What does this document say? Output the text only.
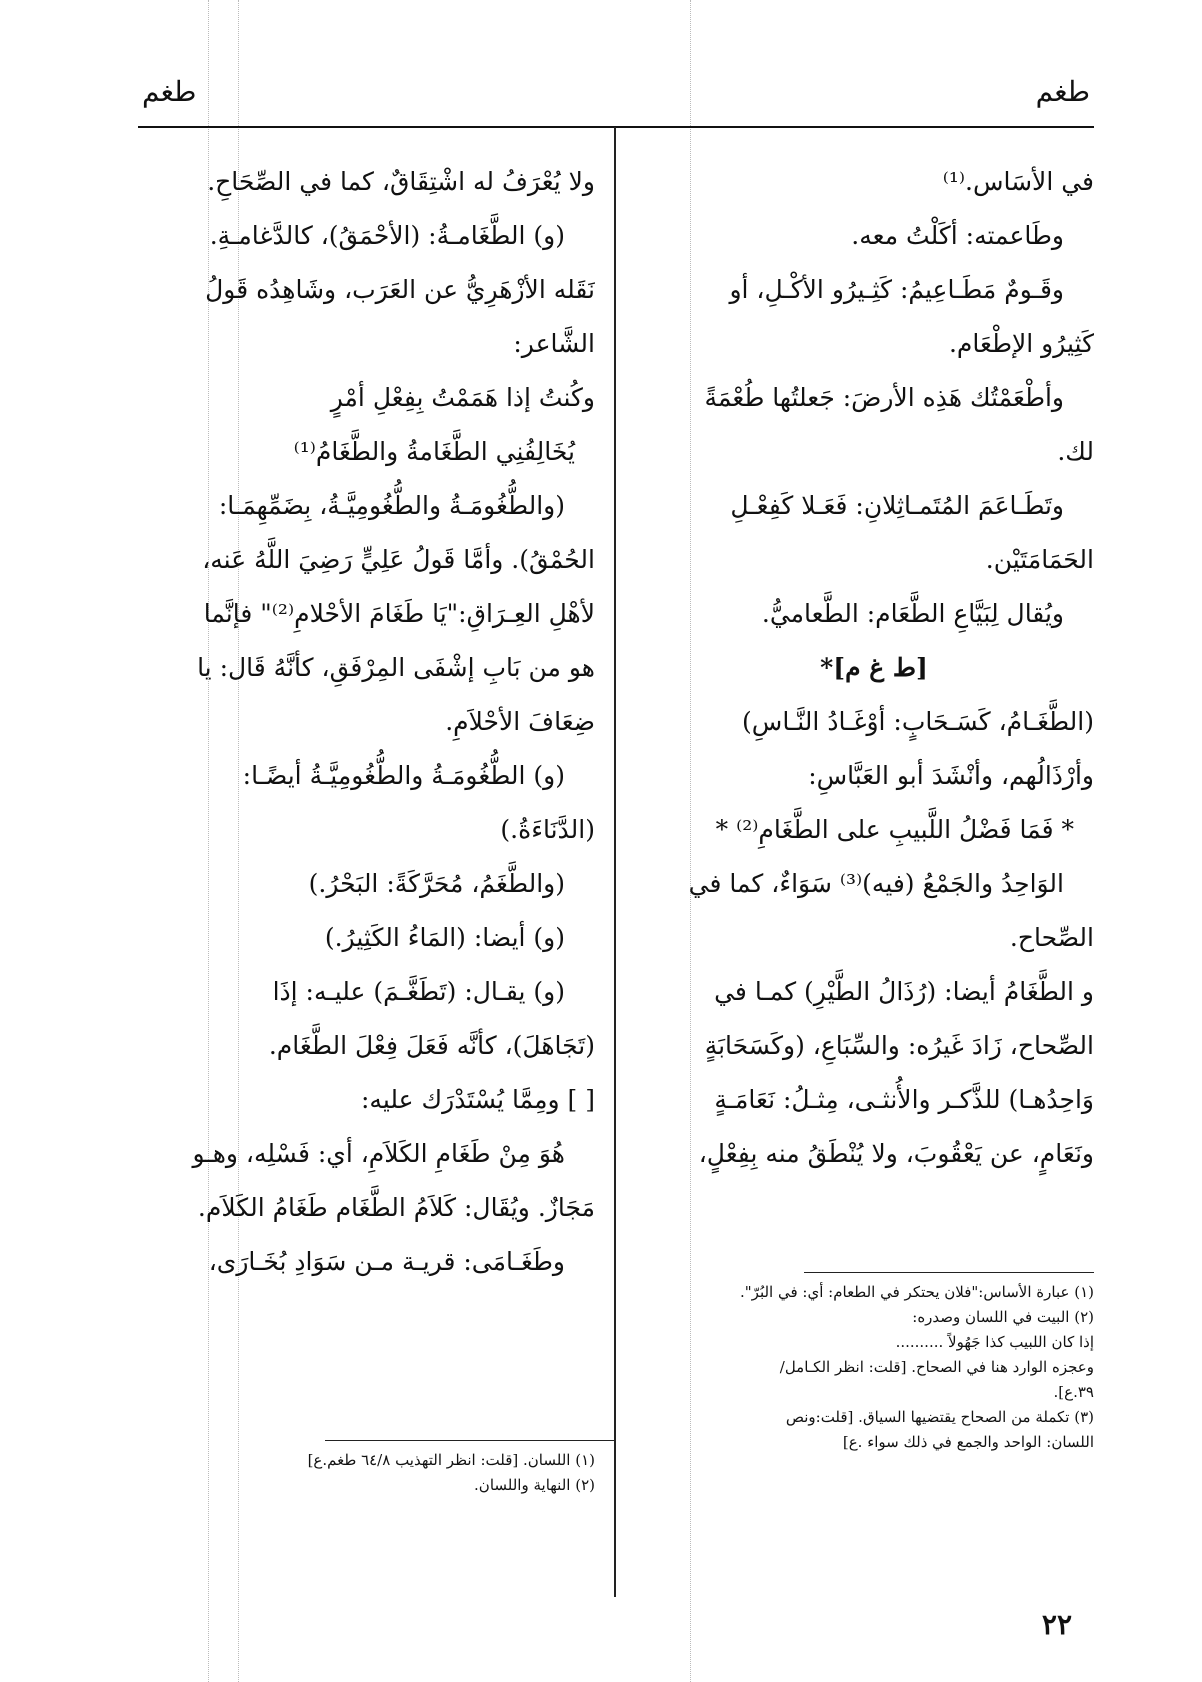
طغم
طغم
في الأسَاس.⁽¹⁾
وطَاعمته: أكَلْتُ معه.
وقَـومٌ مَطَـاعِيمُ: كَثِـيرُو الأكْـلِ، أو
كَثِيرُو الإطْعَام.
وأطْعَمْتُك هَذِه الأرضَ: جَعلتُها طُعْمَةً
لك.
وتَطَـاعَمَ المُتَمـاثِلانِ: فَعَـلا كَفِعْـلِ
الحَمَامَتَيْن.
ويُقال لِبَيَّاعِ الطَّعَام: الطَّعاميُّ.
[ط غ م]*
(الطَّغَـامُ، كَسَـحَابٍ: أوْغَـادُ النَّـاسِ)
وأرْذَالُهم، وأنْشَدَ أبو العَبَّاسِ:
* فَمَا فَضْلُ اللَّبيبِ على الطَّغَامِ⁽²⁾ *
الوَاحِدُ والجَمْعُ (فيه)⁽³⁾ سَوَاءٌ، كما في
الصِّحاح.
و الطَّغَامُ أيضا: (رُذَالُ الطَّيْرِ) كمـا في
الصِّحاح، زَادَ غَيرُه: والسِّبَاعِ، (وكَسَحَابَةٍ
وَاحِدُهـا) للذَّكـر والأُنثـى، مِثـلُ: نَعَامَـةٍ
ونَعَامٍ، عن يَعْقُوبَ، ولا يُنْطَقُ منه بِفِعْلٍ،
ولا يُعْرَفُ له اشْتِقَاقٌ، كما في الصِّحَاحِ.
(و) الطَّغَامـةُ: (الأحْمَقُ)، كالدَّغامـةِ.
نَقَله الأزْهَرِيُّ عن العَرَب، وشَاهِدُه قَولُ
الشَّاعر:
وكُنتُ إذا هَمَمْتُ بِفِعْلِ أمْرٍ
يُخَالِفُنِي الطَّغَامةُ والطَّغَامُ⁽¹⁾
(والطُّغُومَـةُ والطُّغُومِيَّـةُ، بِضَمِّهِمَـا:
الحُمْقُ). وأمَّا قَولُ عَلِيٍّ رَضِيَ اللَّهُ عَنه،
لأهْلِ العِـرَاقِ:"يَا طَغَامَ الأحْلامِ⁽²⁾" فإنَّما
هو من بَابِ إشْفَى المِرْفَقِ، كأنَّهُ قَال: يا
ضِعَافَ الأحْلاَمِ.
(و) الطُّغُومَـةُ والطُّغُومِيَّـةُ أيضًـا:
(الدَّنَاءَةُ.)
(والطَّغَمُ، مُحَرَّكَةً: البَحْرُ.)
(و) أيضا: (المَاءُ الكَثِيرُ.)
(و) يقـال: (تَطَغَّـمَ) عليـه: إذَا
(تَجَاهَلَ)، كأنَّه فَعَلَ فِعْلَ الطَّغَام.
[ ] ومِمَّا يُسْتَدْرَك عليه:
هُوَ مِنْ طَغَامِ الكَلاَمِ، أي: فَسْلِه، وهـو
مَجَازٌ. ويُقَال: كَلاَمُ الطَّغَام طَغَامُ الكَلاَم.
وطَغَـامَى: قريـة مـن سَوَادِ بُخَـارَى،
(١) عبارة الأساس:"فلان يحتكر في الطعام: أي: في البُرّ".
(٢) البيت في اللسان وصدره:
إذا كان اللبيب كذا جَهُولاً ..........
وعجزه الوارد هنا في الصحاح. [قلت: انظر الكـامل/
٣٩.ع].
(٣) تكملة من الصحاح يقتضيها السياق. [قلت:ونص
اللسان: الواحد والجمع في ذلك سواء .ع]
(١) اللسان. [قلت: انظر التهذيب ٦٤/٨ طغم.ع]
(٢) النهاية واللسان.
٢٢
